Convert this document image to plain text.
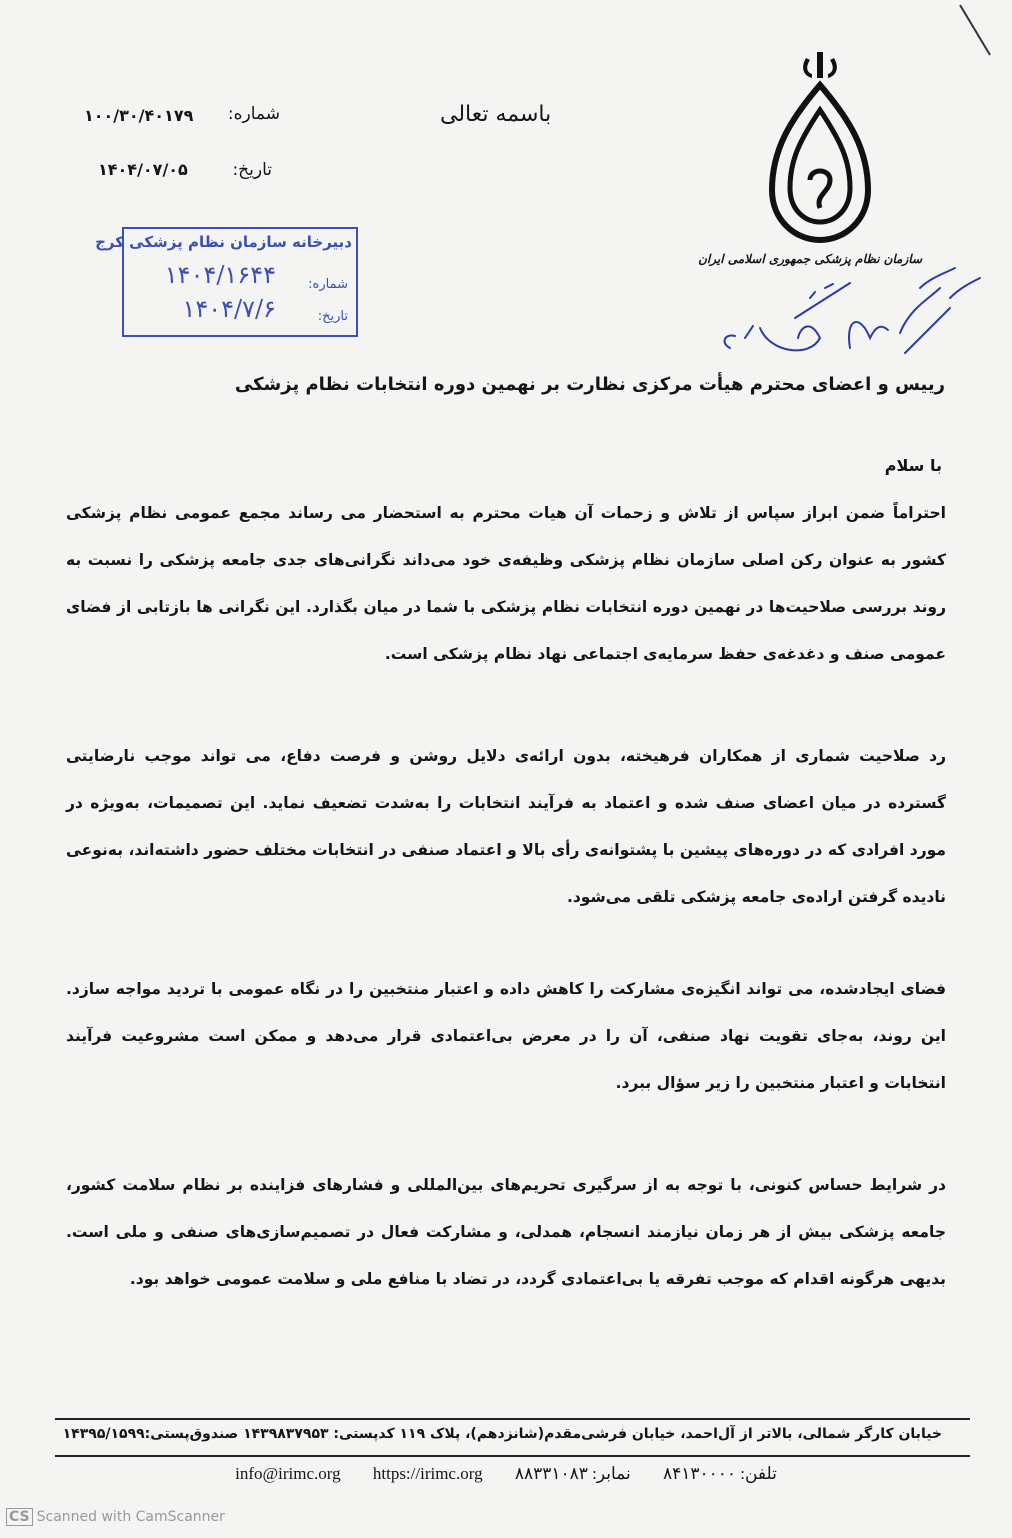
سازمان نظام پزشکی جمهوری اسلامی ایران
باسمه تعالی
شماره:
۱۰۰/۳۰/۴۰۱۷۹
تاریخ:
۱۴۰۴/۰۷/۰۵
دبیرخانه سازمان نظام پزشکی کرج
شماره:
۱۴۰۴/۱۶۴۴
تاریخ:
۱۴۰۴/۷/۶
رییس و اعضای محترم هیأت مرکزی نظارت بر نهمین دوره انتخابات نظام پزشکی
با سلام
احتراماً ضمن ابراز سپاس از تلاش و زحمات آن هیات محترم به استحضار می رساند مجمع عمومی نظام پزشکی کشور به عنوان رکن اصلی سازمان نظام پزشکی وظیفه‌ی خود می‌داند نگرانی‌های جدی جامعه پزشکی را نسبت به روند بررسی صلاحیت‌ها در نهمین دوره انتخابات نظام پزشکی با شما در میان بگذارد. این نگرانی ها بازتابی از فضای عمومی صنف و دغدغه‌ی حفظ سرمایه‌ی اجتماعی نهاد نظام پزشکی است.
رد صلاحیت شماری از همکاران فرهیخته، بدون ارائه‌ی دلایل روشن و فرصت دفاع، می تواند موجب نارضایتی گسترده در میان اعضای صنف شده و اعتماد به فرآیند انتخابات را به‌شدت تضعیف نماید. این تصمیمات، به‌ویژه در مورد افرادی که در دوره‌های پیشین با پشتوانه‌ی رأی بالا و اعتماد صنفی در انتخابات مختلف حضور داشته‌اند، به‌نوعی نادیده گرفتن اراده‌ی جامعه پزشکی تلقی می‌شود.
فضای ایجادشده، می تواند انگیزه‌ی مشارکت را کاهش داده و اعتبار منتخبین را در نگاه عمومی با تردید مواجه سازد. این روند، به‌جای تقویت نهاد صنفی، آن را در معرض بی‌اعتمادی قرار می‌دهد و ممکن است مشروعیت فرآیند انتخابات و اعتبار منتخبین را زیر سؤال ببرد.
در شرایط حساس کنونی، با توجه به از سرگیری تحریم‌های بین‌المللی و فشارهای فزاینده بر نظام سلامت کشور، جامعه پزشکی بیش از هر زمان نیازمند انسجام، همدلی، و مشارکت فعال در تصمیم‌سازی‌های صنفی و ملی است. بدیهی هرگونه اقدام که موجب تفرقه یا بی‌اعتمادی گردد، در تضاد با منافع ملی و سلامت عمومی خواهد بود.
خیابان کارگر شمالی، بالاتر از آل‌احمد، خیابان فرشی‌مقدم(شانزدهم)، پلاک ۱۱۹ کدپستی: ۱۴۳۹۸۳۷۹۵۳ صندوق‌پستی:۱۴۳۹۵/۱۵۹۹
info@irimc.org https://irimc.org نمابر: ۸۸۳۳۱۰۸۳ تلفن: ۸۴۱۳۰۰۰۰
CS Scanned with CamScanner
